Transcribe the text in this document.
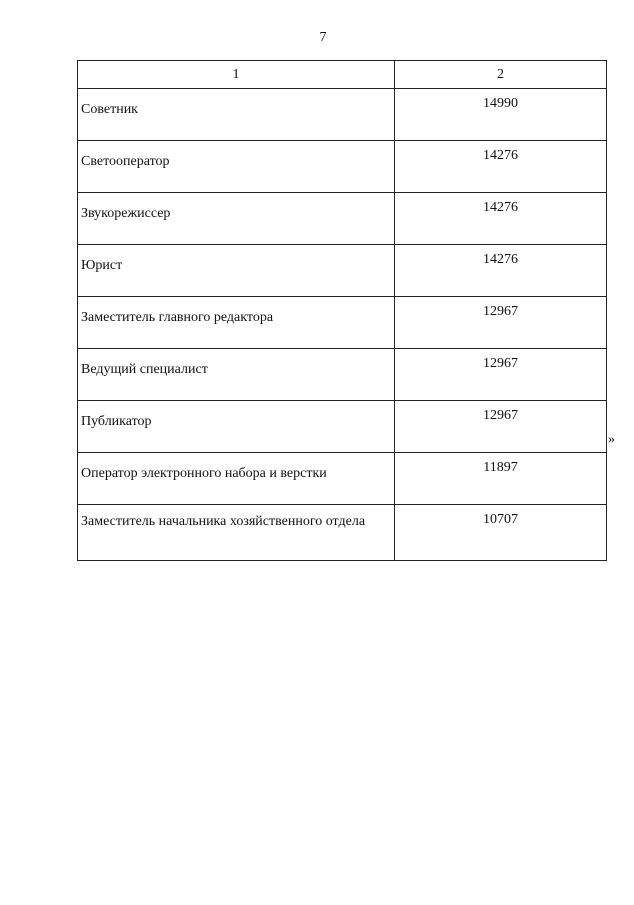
7
1	2
Советник	14990
Светооператор	14276
Звукорежиссер	14276
Юрист	14276
Заместитель главного редактора	12967
Ведущий специалист	12967
Публикатор	12967
Оператор электронного набора и верстки	11897
Заместитель начальника хозяйственного отдела	10707
»
